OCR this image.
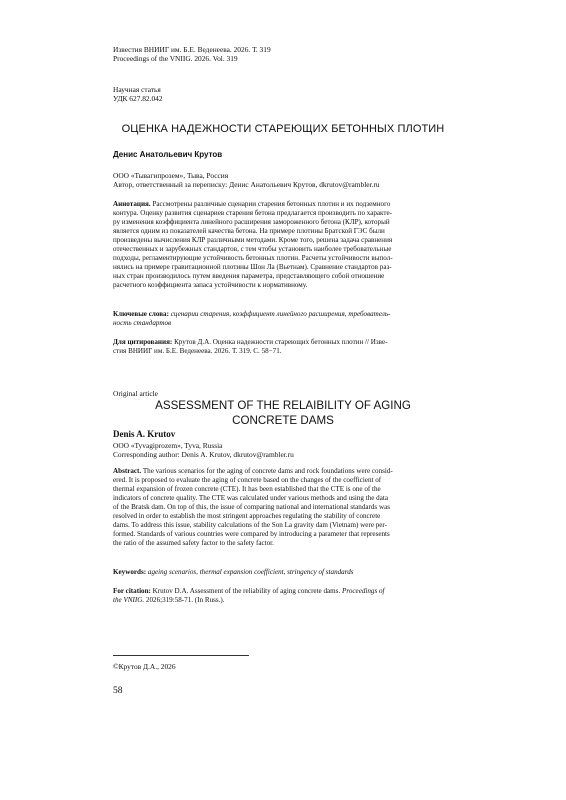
Известия ВНИИГ им. Б.Е. Веденеева. 2026. Т. 319
Proceedings of the VNIIG. 2026. Vol. 319
Научная статья
УДК 627.82.042
ОЦЕНКА НАДЕЖНОСТИ СТАРЕЮЩИХ БЕТОННЫХ ПЛОТИН
Денис Анатольевич Крутов
ООО «Тывагипрозем», Тыва, Россия
Автор, ответственный за переписку: Денис Анатольевич Крутов, dkrutov@rambler.ru
Аннотация. Рассмотрены различные сценарии старения бетонных плотин и их подземного
контура. Оценку развития сценариев старения бетона предлагается производить по характе-
ру изменения коэффициента линейного расширения замороженного бетона (КЛР), который
является одним из показателей качества бетона. На примере плотины Братской ГЭС были
произведены вычисления КЛР различными методами. Кроме того, решена задача сравнения
отечественных и зарубежных стандартов, с тем чтобы установить наиболее требовательные
подходы, регламентирующие устойчивость бетонных плотин. Расчеты устойчивости выпол-
нялись на примере гравитационной плотины Шон Ла (Вьетнам). Сравнение стандартов раз-
ных стран производилось путем введения параметра, представляющего собой отношение
расчетного коэффициента запаса устойчивости к нормативному.
Ключевые слова: сценарии старения, коэффициент линейного расширения, требователь-
ность стандартов
Для цитирования: Крутов Д.А. Оценка надежности стареющих бетонных плотин // Изве-
стия ВНИИГ им. Б.Е. Веденеева. 2026. Т. 319. С. 58−71.
Original article
ASSESSMENT OF THE RELAIBILITY OF AGING
CONCRETE DAMS
Denis A. Krutov
OOO «Tyvagiprozem», Tyva, Russia
Corresponding author: Denis A. Krutov, dkrutov@rambler.ru
Abstract. The various scenarios for the aging of concrete dams and rock foundations were consid-
ered. It is proposed to evaluate the aging of concrete based on the changes of the coefficient of
thermal expansion of frozen concrete (CTE). It has been established that the CTE is one of the
indicators of concrete quality. The CTE was calculated under various methods and using the data
of the Bratsk dam. On top of this, the issue of comparing national and international standards was
resolved in order to establish the most stringent approaches regulating the stability of concrete
dams. To address this issue, stability calculations of the Son La gravity dam (Vietnam) were per-
formed. Standards of various countries were compared by introducing a parameter that represents
the ratio of the assumed safety factor to the safety factor.
Keywords: ageing scenarios, thermal expansion coefficient, stringency of standards
For citation: Krutov D.A. Assessment of the reliability of aging concrete dams. Proceedings of
the VNIIG. 2026;319:58-71. (In Russ.).
©Крутов Д.А., 2026
58
